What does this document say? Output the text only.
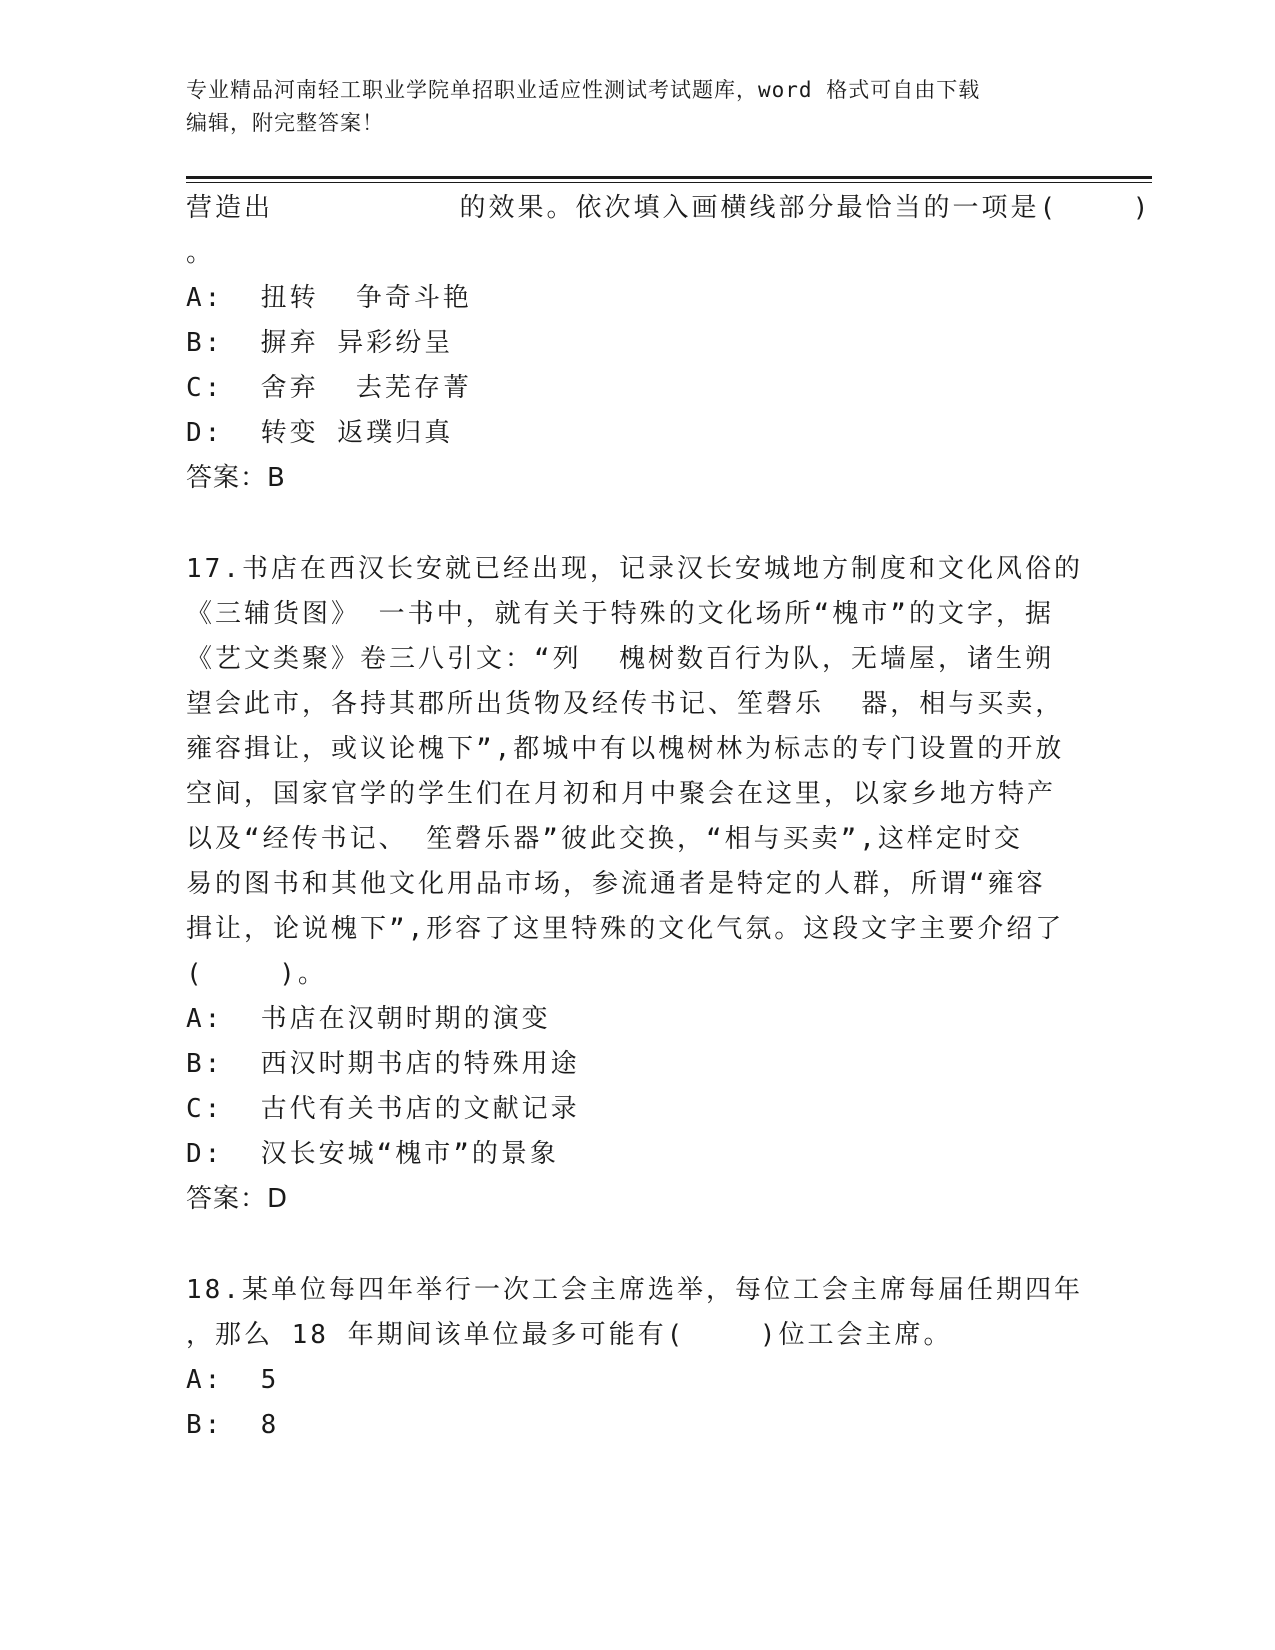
专业精品河南轻工职业学院单招职业适应性测试考试题库，word 格式可自由下载
编辑，附完整答案！
营造出          的效果。依次填入画横线部分最恰当的一项是(    )
。
A:  扭转  争奇斗艳
B:  摒弃 异彩纷呈
C:  舍弃  去芜存菁
D:  转变 返璞归真
答案：B
17.书店在西汉长安就已经出现，记录汉长安城地方制度和文化风俗的
《三辅货图》 一书中，就有关于特殊的文化场所“槐市”的文字，据
《艺文类聚》卷三八引文：“列  槐树数百行为队，无墙屋，诸生朔
望会此市，各持其郡所出货物及经传书记、笙磬乐  器，相与买卖，
雍容揖让，或议论槐下”,都城中有以槐树林为标志的专门设置的开放
空间，国家官学的学生们在月初和月中聚会在这里，以家乡地方特产
以及“经传书记、 笙磬乐器”彼此交换，“相与买卖”,这样定时交
易的图书和其他文化用品市场，参流通者是特定的人群，所谓“雍容
揖让，论说槐下”,形容了这里特殊的文化气氛。这段文字主要介绍了
(    )。
A:  书店在汉朝时期的演变
B:  西汉时期书店的特殊用途
C:  古代有关书店的文献记录
D:  汉长安城“槐市”的景象
答案：D
18.某单位每四年举行一次工会主席选举，每位工会主席每届任期四年
，那么 18 年期间该单位最多可能有(    )位工会主席。
A:  5
B:  8
